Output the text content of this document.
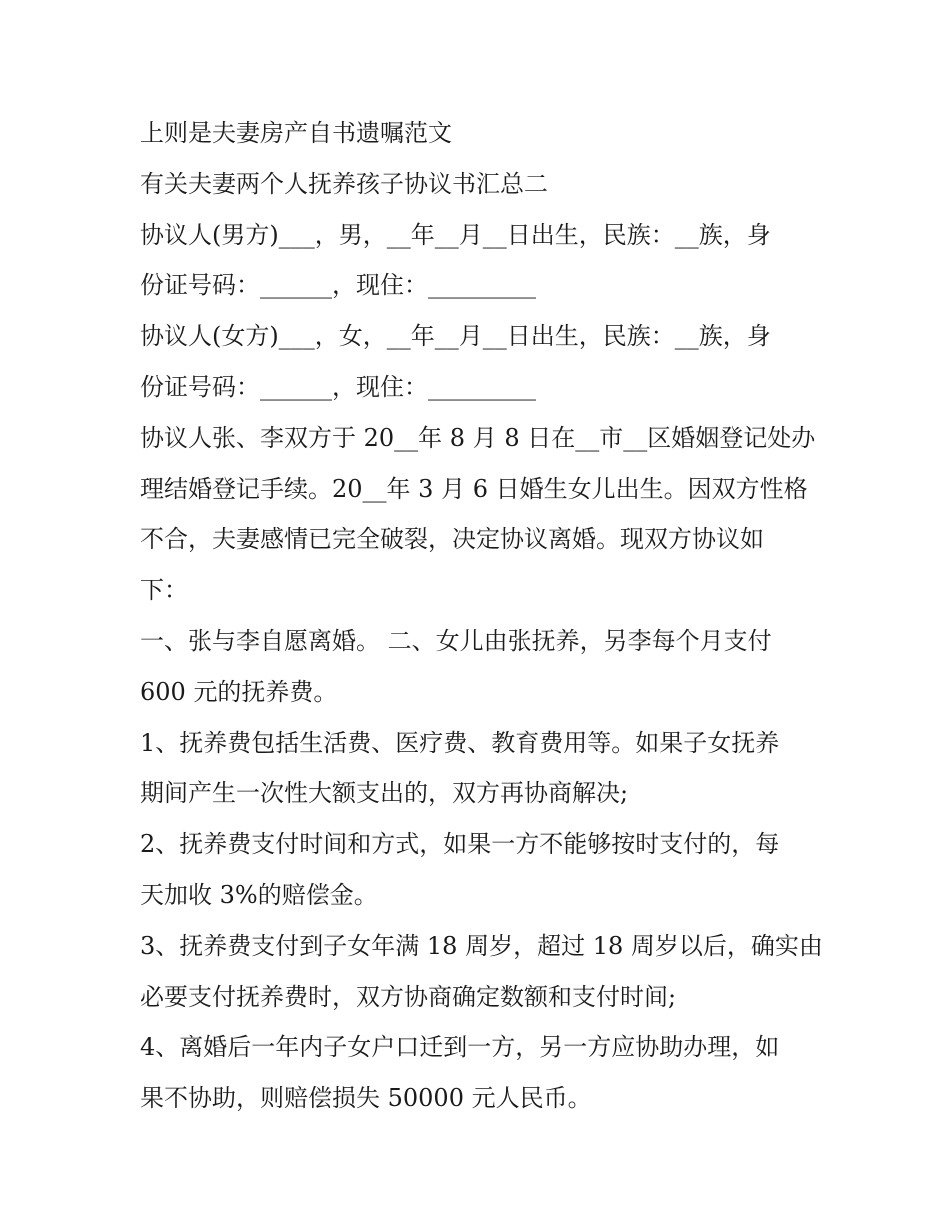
上则是夫妻房产自书遗嘱范文
有关夫妻两个人抚养孩子协议书汇总二
协议人(男方)___，男，__年__月__日出生，民族：__族，身
份证号码：______，现住：_________
协议人(女方)___，女，__年__月__日出生，民族：__族，身
份证号码：______，现住：_________
协议人张、李双方于 20__年 8 月 8 日在__市__区婚姻登记处办
理结婚登记手续。20__年 3 月 6 日婚生女儿出生。因双方性格
不合，夫妻感情已完全破裂，决定协议离婚。现双方协议如
下：
一、张与李自愿离婚。 二、女儿由张抚养，另李每个月支付
600 元的抚养费。
1、抚养费包括生活费、医疗费、教育费用等。如果子女抚养
期间产生一次性大额支出的，双方再协商解决;
2、抚养费支付时间和方式，如果一方不能够按时支付的，每
天加收 3%的赔偿金。
3、抚养费支付到子女年满 18 周岁，超过 18 周岁以后，确实由
必要支付抚养费时，双方协商确定数额和支付时间;
4、离婚后一年内子女户口迁到一方，另一方应协助办理，如
果不协助，则赔偿损失 50000 元人民币。
